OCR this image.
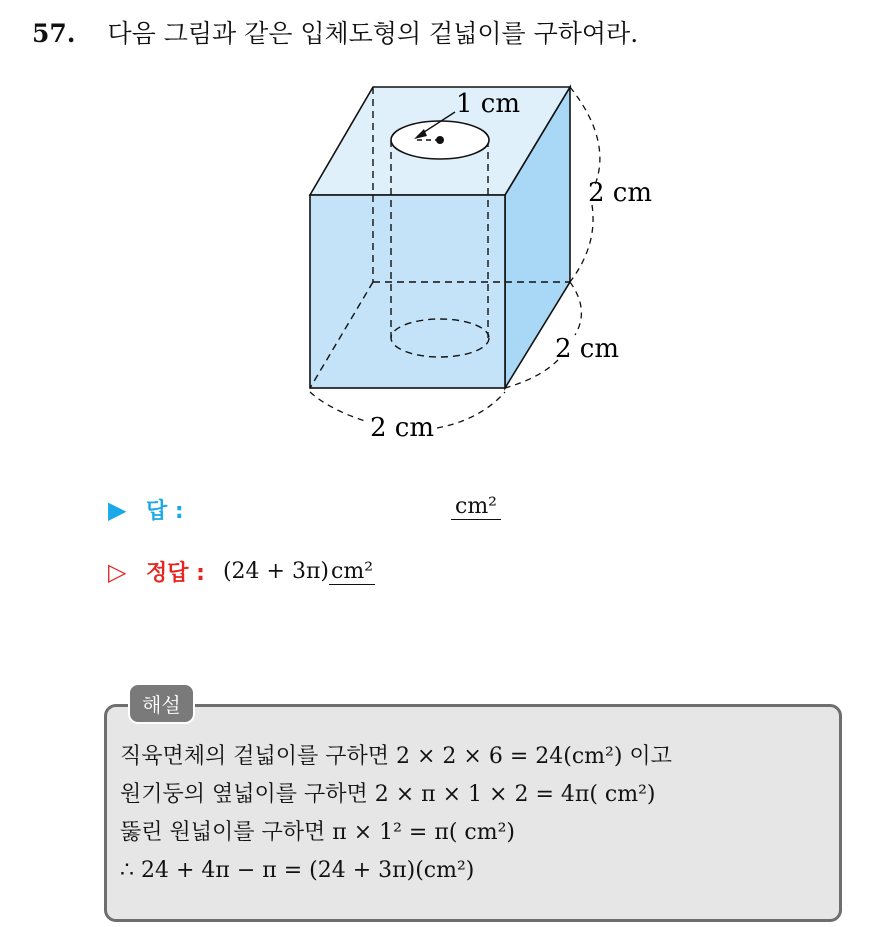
57. 다음 그림과 같은 입체도형의 겉넓이를 구하여라.
1 cm
2 cm
2 cm
2 cm
▶ 답 :	cm²
▷ 정답 : (24 + 3π) cm²
해설
직육면체의 겉넓이를 구하면 2 × 2 × 6 = 24(cm²) 이고
원기둥의 옆넓이를 구하면 2 × π × 1 × 2 = 4π( cm²)
뚫린 원넓이를 구하면 π × 1² = π( cm²)
∴ 24 + 4π − π = (24 + 3π)(cm²)
